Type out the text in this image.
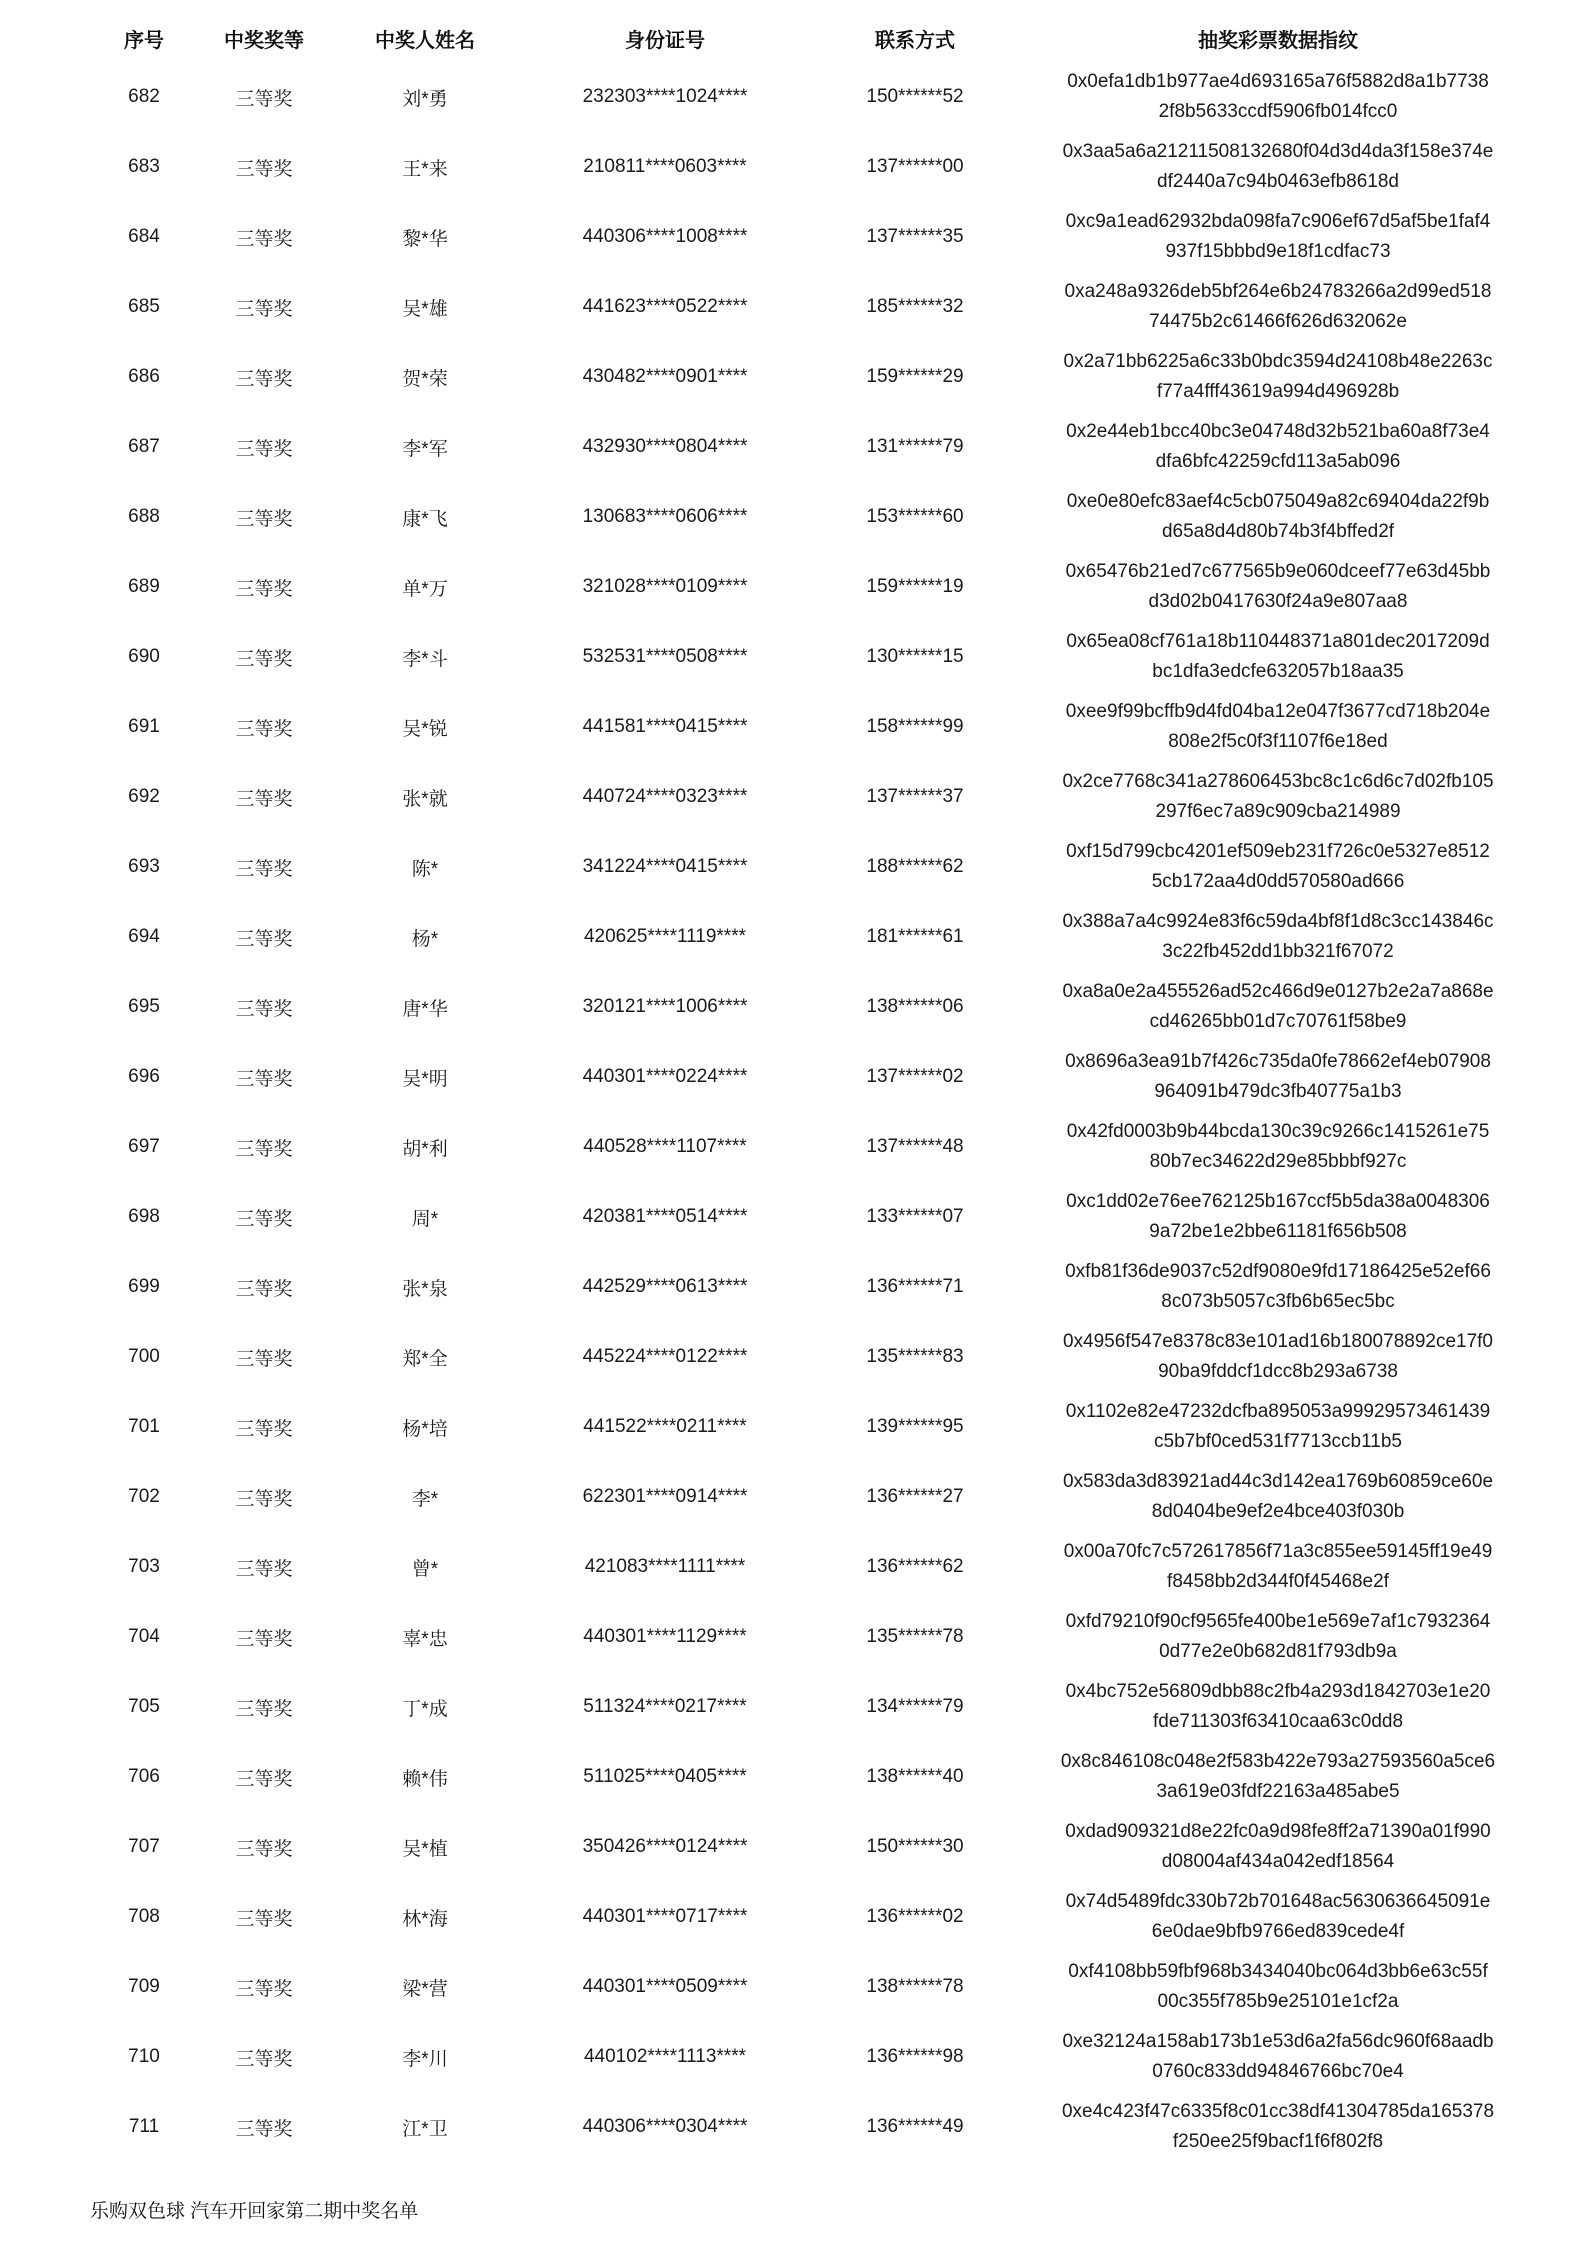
序号	中奖奖等	中奖人姓名	身份证号	联系方式	抽奖彩票数据指纹
682	三等奖	刘*勇	232303****1024****	150******52	0x0efa1db1b977ae4d693165a76f5882d8a1b7738
2f8b5633ccdf5906fb014fcc0

683	三等奖	王*来	210811****0603****	137******00	0x3aa5a6a21211508132680f04d3d4da3f158e374e
df2440a7c94b0463efb8618d

684	三等奖	黎*华	440306****1008****	137******35	0xc9a1ead62932bda098fa7c906ef67d5af5be1faf4
937f15bbbd9e18f1cdfac73

685	三等奖	吴*雄	441623****0522****	185******32	0xa248a9326deb5bf264e6b24783266a2d99ed518
74475b2c61466f626d632062e

686	三等奖	贺*荣	430482****0901****	159******29	0x2a71bb6225a6c33b0bdc3594d24108b48e2263c
f77a4fff43619a994d496928b

687	三等奖	李*军	432930****0804****	131******79	0x2e44eb1bcc40bc3e04748d32b521ba60a8f73e4
dfa6bfc42259cfd113a5ab096

688	三等奖	康*飞	130683****0606****	153******60	0xe0e80efc83aef4c5cb075049a82c69404da22f9b
d65a8d4d80b74b3f4bffed2f

689	三等奖	单*万	321028****0109****	159******19	0x65476b21ed7c677565b9e060dceef77e63d45bb
d3d02b0417630f24a9e807aa8

690	三等奖	李*斗	532531****0508****	130******15	0x65ea08cf761a18b110448371a801dec2017209d
bc1dfa3edcfe632057b18aa35

691	三等奖	吴*锐	441581****0415****	158******99	0xee9f99bcffb9d4fd04ba12e047f3677cd718b204e
808e2f5c0f3f1107f6e18ed

692	三等奖	张*就	440724****0323****	137******37	0x2ce7768c341a278606453bc8c1c6d6c7d02fb105
297f6ec7a89c909cba214989

693	三等奖	陈*	341224****0415****	188******62	0xf15d799cbc4201ef509eb231f726c0e5327e8512
5cb172aa4d0dd570580ad666

694	三等奖	杨*	420625****1119****	181******61	0x388a7a4c9924e83f6c59da4bf8f1d8c3cc143846c
3c22fb452dd1bb321f67072

695	三等奖	唐*华	320121****1006****	138******06	0xa8a0e2a455526ad52c466d9e0127b2e2a7a868e
cd46265bb01d7c70761f58be9

696	三等奖	吴*明	440301****0224****	137******02	0x8696a3ea91b7f426c735da0fe78662ef4eb07908
964091b479dc3fb40775a1b3

697	三等奖	胡*利	440528****1107****	137******48	0x42fd0003b9b44bcda130c39c9266c1415261e75
80b7ec34622d29e85bbbf927c

698	三等奖	周*	420381****0514****	133******07	0xc1dd02e76ee762125b167ccf5b5da38a0048306
9a72be1e2bbe61181f656b508

699	三等奖	张*泉	442529****0613****	136******71	0xfb81f36de9037c52df9080e9fd17186425e52ef66
8c073b5057c3fb6b65ec5bc

700	三等奖	郑*全	445224****0122****	135******83	0x4956f547e8378c83e101ad16b180078892ce17f0
90ba9fddcf1dcc8b293a6738

701	三等奖	杨*培	441522****0211****	139******95	0x1102e82e47232dcfba895053a99929573461439
c5b7bf0ced531f7713ccb11b5

702	三等奖	李*	622301****0914****	136******27	0x583da3d83921ad44c3d142ea1769b60859ce60e
8d0404be9ef2e4bce403f030b

703	三等奖	曾*	421083****1111****	136******62	0x00a70fc7c572617856f71a3c855ee59145ff19e49
f8458bb2d344f0f45468e2f

704	三等奖	辜*忠	440301****1129****	135******78	0xfd79210f90cf9565fe400be1e569e7af1c7932364
0d77e2e0b682d81f793db9a

705	三等奖	丁*成	511324****0217****	134******79	0x4bc752e56809dbb88c2fb4a293d1842703e1e20
fde711303f63410caa63c0dd8

706	三等奖	赖*伟	511025****0405****	138******40	0x8c846108c048e2f583b422e793a27593560a5ce6
3a619e03fdf22163a485abe5

707	三等奖	吴*植	350426****0124****	150******30	0xdad909321d8e22fc0a9d98fe8ff2a71390a01f990
d08004af434a042edf18564

708	三等奖	林*海	440301****0717****	136******02	0x74d5489fdc330b72b701648ac5630636645091e
6e0dae9bfb9766ed839cede4f

709	三等奖	梁*营	440301****0509****	138******78	0xf4108bb59fbf968b3434040bc064d3bb6e63c55f
00c355f785b9e25101e1cf2a

710	三等奖	李*川	440102****1113****	136******98	0xe32124a158ab173b1e53d6a2fa56dc960f68aadb
0760c833dd94846766bc70e4

711	三等奖	江*卫	440306****0304****	136******49	0xe4c423f47c6335f8c01cc38df41304785da165378
f250ee25f9bacf1f6f802f8
乐购双色球 汽车开回家第二期中奖名单
